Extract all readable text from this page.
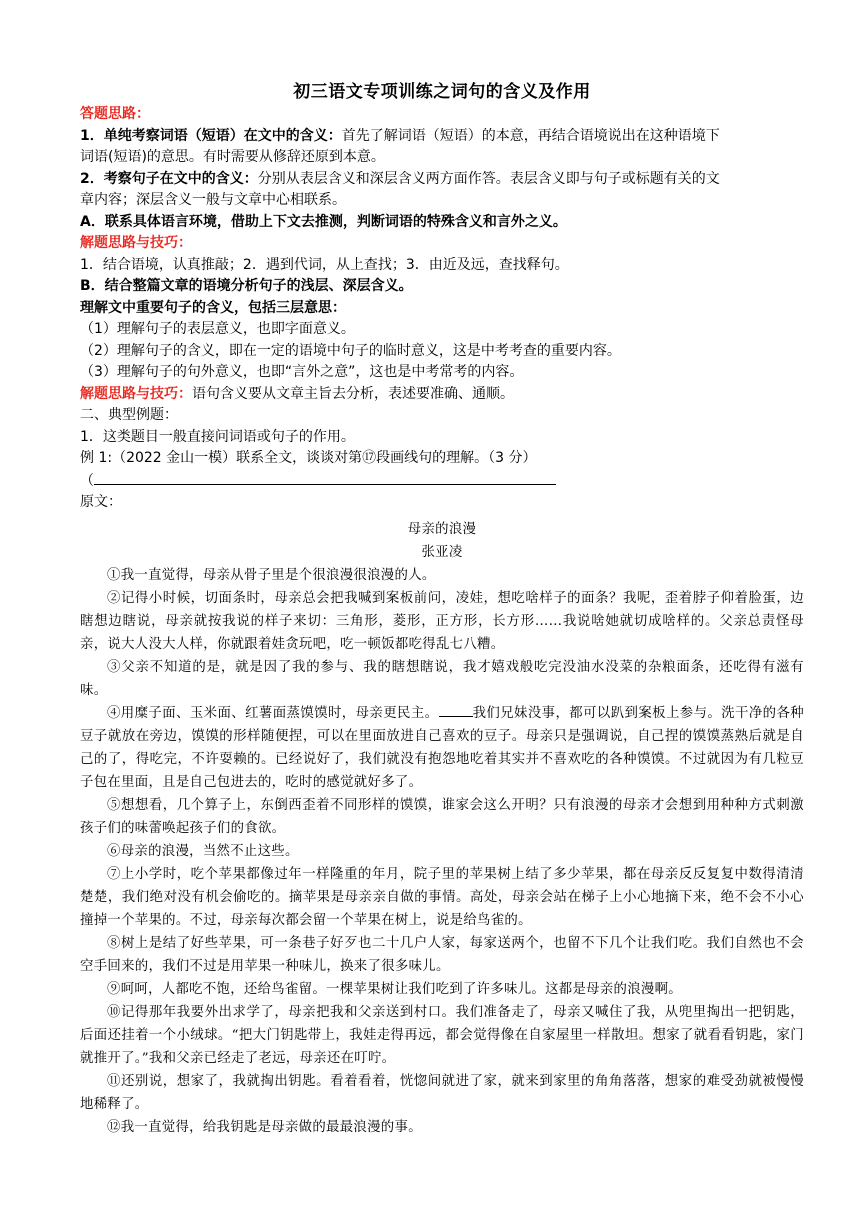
初三语文专项训练之词句的含义及作用

答题思路：

1．单纯考察词语（短语）在文中的含义：首先了解词语（短语）的本意，再结合语境说出在这种语境下

词语(短语)的意思。有时需要从修辞还原到本意。

2．考察句子在文中的含义：分别从表层含义和深层含义两方面作答。表层含义即与句子或标题有关的文

章内容；深层含义一般与文章中心相联系。

A．联系具体语言环境，借助上下文去推测，判断词语的特殊含义和言外之义。

解题思路与技巧：

1．结合语境，认真推敲；2．遇到代词，从上查找；3．由近及远，查找释句。

B．结合整篇文章的语境分析句子的浅层、深层含义。

理解文中重要句子的含义，包括三层意思：

（1）理解句子的表层意义，也即字面意义。

（2）理解句子的含义，即在一定的语境中句子的临时意义，这是中考考查的重要内容。

（3）理解句子的句外意义，也即“言外之意”，这也是中考常考的内容。

解题思路与技巧：语句含义要从文章主旨去分析，表述要准确、通顺。

二、典型例题：

1．这类题目一般直接问词语或句子的作用。

例 1:（2022 金山一模）联系全文，谈谈对第⑰段画线句的理解。（3 分）

（

原文：

母亲的浪漫

张亚凌

①我一直觉得，母亲从骨子里是个很浪漫很浪漫的人。

②记得小时候，切面条时，母亲总会把我喊到案板前问，凌娃，想吃啥样子的面条？我呢，歪着脖子仰着脸蛋，边瞎想边瞎说，母亲就按我说的样子来切：三角形，菱形，正方形，长方形……我说啥她就切成啥样的。父亲总责怪母亲，说大人没大人样，你就跟着娃贪玩吧，吃一顿饭都吃得乱七八糟。

③父亲不知道的是，就是因了我的参与、我的瞎想瞎说，我才嬉戏般吃完没油水没菜的杂粮面条，还吃得有滋有味。

④用糜子面、玉米面、红薯面蒸馍馍时，母亲更民主。	我们兄妹没事，都可以趴到案板上参与。洗干净的各种豆子就放在旁边，馍馍的形样随便捏，可以在里面放进自己喜欢的豆子。母亲只是强调说，自己捏的馍馍蒸熟后就是自己的了，得吃完，不许耍赖的。已经说好了，我们就没有抱怨地吃着其实并不喜欢吃的各种馍馍。不过就因为有几粒豆子包在里面，且是自己包进去的，吃时的感觉就好多了。

⑤想想看，几个算子上，东倒西歪着不同形样的馍馍，谁家会这么开明？只有浪漫的母亲才会想到用种种方式刺激孩子们的味蕾唤起孩子们的食欲。

⑥母亲的浪漫，当然不止这些。

⑦上小学时，吃个苹果都像过年一样隆重的年月，院子里的苹果树上结了多少苹果，都在母亲反反复复中数得清清楚楚，我们绝对没有机会偷吃的。摘苹果是母亲亲自做的事情。高处，母亲会站在梯子上小心地摘下来，绝不会不小心撞掉一个苹果的。不过，母亲每次都会留一个苹果在树上，说是给鸟雀的。

⑧树上是结了好些苹果，可一条巷子好歹也二十几户人家，每家送两个，也留不下几个让我们吃。我们自然也不会空手回来的，我们不过是用苹果一种味儿，换来了很多味儿。

⑨呵呵，人都吃不饱，还给鸟雀留。一棵苹果树让我们吃到了许多味儿。这都是母亲的浪漫啊。

⑩记得那年我要外出求学了，母亲把我和父亲送到村口。我们准备走了，母亲又喊住了我，从兜里掏出一把钥匙，后面还挂着一个小绒球。“把大门钥匙带上，我娃走得再远，都会觉得像在自家屋里一样散坦。想家了就看看钥匙，家门就推开了。”我和父亲已经走了老远，母亲还在叮咛。

⑪还别说，想家了，我就掏出钥匙。看着看着，恍惚间就进了家，就来到家里的角角落落，想家的难受劲就被慢慢地稀释了。

⑫我一直觉得，给我钥匙是母亲做的最最浪漫的事。
